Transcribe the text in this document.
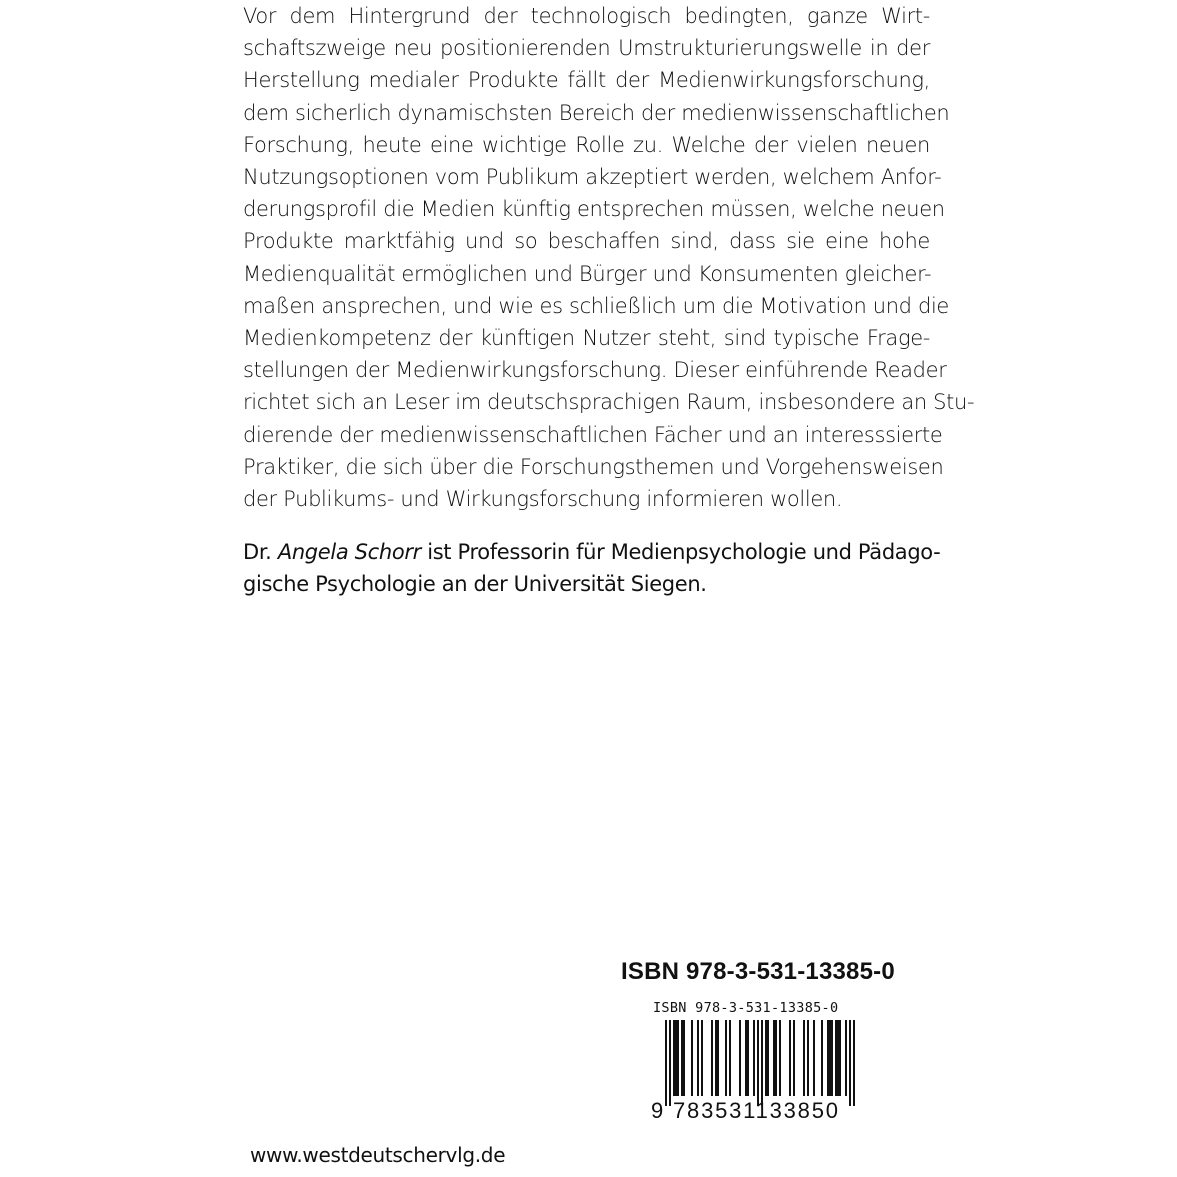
Vor dem Hintergrund der technologisch bedingten, ganze Wirt-
schaftszweige neu positionierenden Umstrukturierungswelle in der
Herstellung medialer Produkte fällt der Medienwirkungsforschung,
dem sicherlich dynamischsten Bereich der medienwissenschaftlichen
Forschung, heute eine wichtige Rolle zu. Welche der vielen neuen
Nutzungsoptionen vom Publikum akzeptiert werden, welchem Anfor-
derungsprofil die Medien künftig entsprechen müssen, welche neuen
Produkte marktfähig und so beschaffen sind, dass sie eine hohe
Medienqualität ermöglichen und Bürger und Konsumenten gleicher-
maßen ansprechen, und wie es schließlich um die Motivation und die
Medienkompetenz der künftigen Nutzer steht, sind typische Frage-
stellungen der Medienwirkungsforschung. Dieser einführende Reader
richtet sich an Leser im deutschsprachigen Raum, insbesondere an Stu-
dierende der medienwissenschaftlichen Fächer und an interesssierte
Praktiker, die sich über die Forschungsthemen und Vorgehensweisen
der Publikums- und Wirkungsforschung informieren wollen.
Dr. Angela Schorr ist Professorin für Medienpsychologie und Pädago-
gische Psychologie an der Universität Siegen.
ISBN 978-3-531-13385-0
ISBN 978-3-531-13385-0
9 783531133850
www.westdeutschervlg.de
